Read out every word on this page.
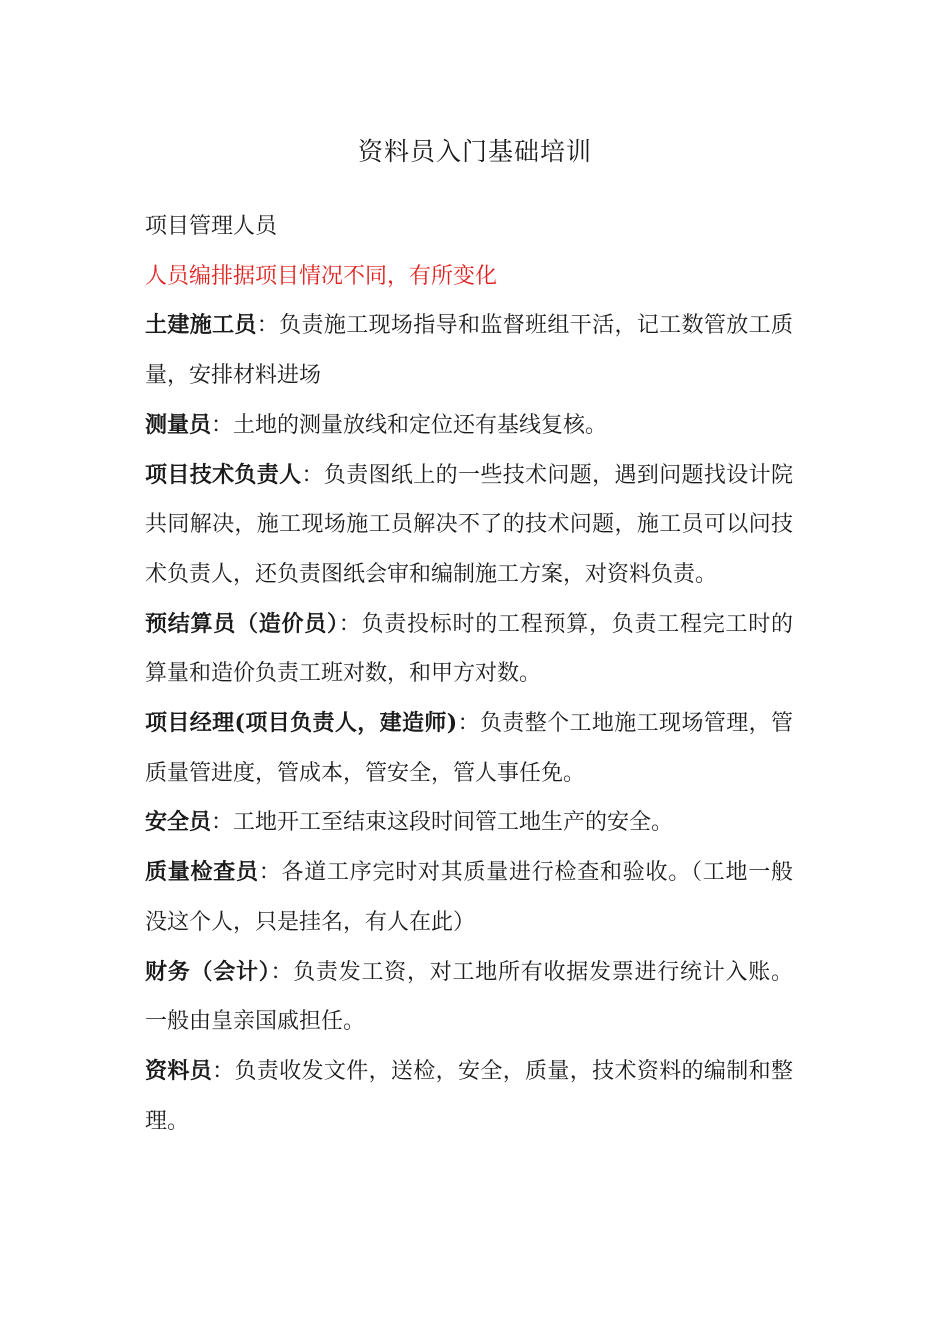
资料员入门基础培训

项目管理人员

人员编排据项目情况不同，有所变化

土建施工员：负责施工现场指导和监督班组干活，记工数管放工质量，安排材料进场

测量员：土地的测量放线和定位还有基线复核。

项目技术负责人：负责图纸上的一些技术问题，遇到问题找设计院共同解决，施工现场施工员解决不了的技术问题，施工员可以问技术负责人，还负责图纸会审和编制施工方案，对资料负责。

预结算员（造价员）：负责投标时的工程预算，负责工程完工时的算量和造价负责工班对数，和甲方对数。

项目经理(项目负责人，建造师)：负责整个工地施工现场管理，管质量管进度，管成本，管安全，管人事任免。

安全员：工地开工至结束这段时间管工地生产的安全。

质量检查员：各道工序完时对其质量进行检查和验收。（工地一般没这个人，只是挂名，有人在此）

财务（会计）：负责发工资，对工地所有收据发票进行统计入账。一般由皇亲国戚担任。

资料员：负责收发文件，送检，安全，质量，技术资料的编制和整理。
